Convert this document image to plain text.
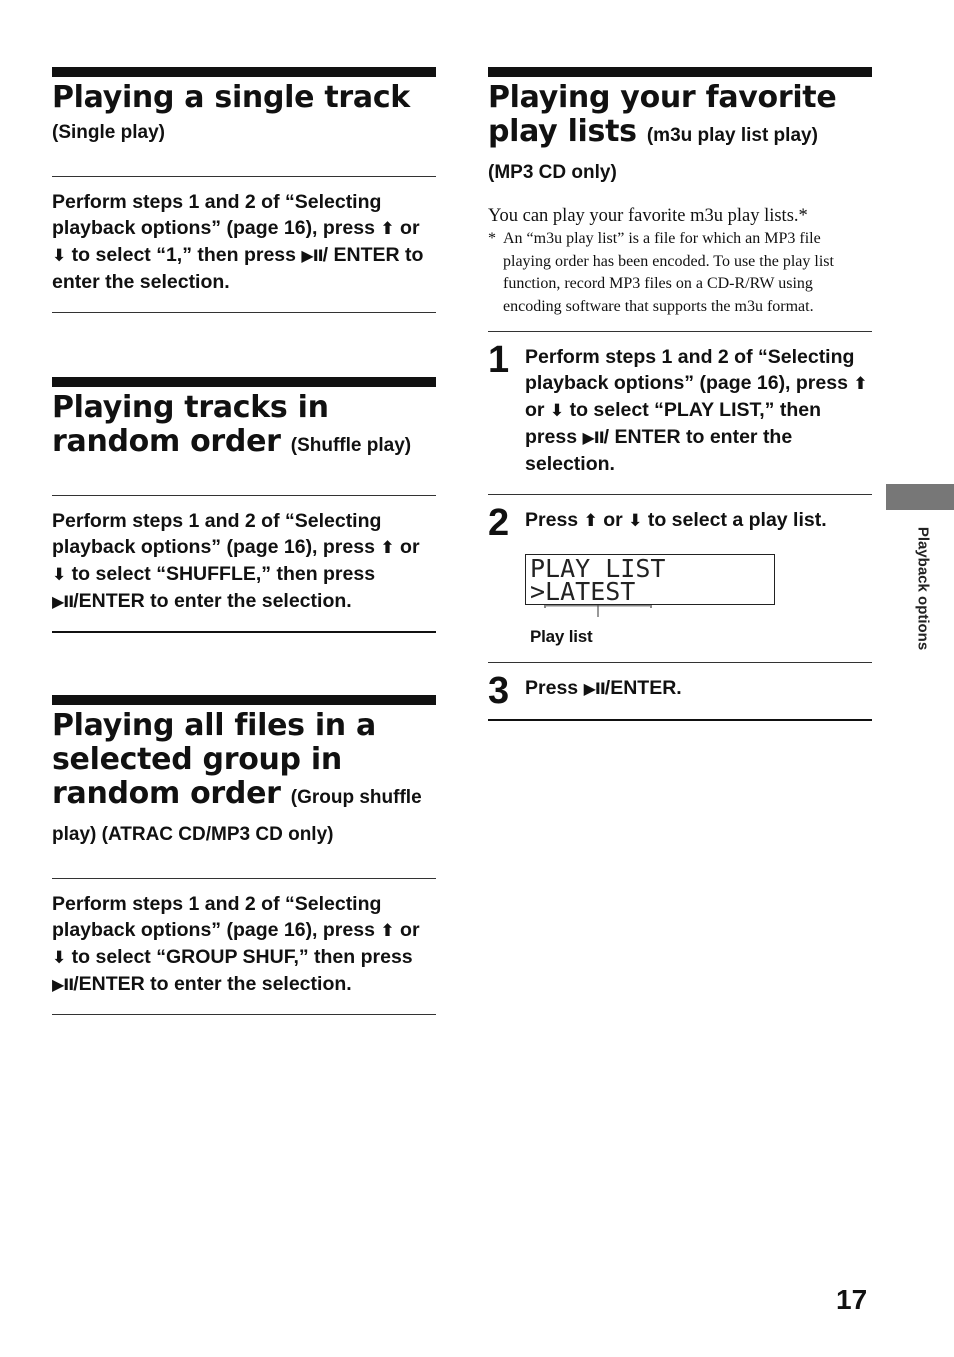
Playing a single track
(Single play)
Perform steps 1 and 2 of “Selecting playback options” (page 16), press ⬆ or ⬇ to select “1,” then press ▶II/ ENTER to enter the selection.
Playing tracks in random order (Shuffle play)
Perform steps 1 and 2 of “Selecting playback options” (page 16), press ⬆ or ⬇ to select “SHUFFLE,” then press ▶II/ENTER to enter the selection.
Playing all files in a selected group in random order (Group shuffle
play) (ATRAC CD/MP3 CD only)
Perform steps 1 and 2 of “Selecting playback options” (page 16), press ⬆ or ⬇ to select “GROUP SHUF,” then press ▶II/ENTER to enter the selection.
Playing your favorite play lists (m3u play list play)
(MP3 CD only)
You can play your favorite m3u play lists.*
* An “m3u play list” is a file for which an MP3 file playing order has been encoded. To use the play list function, record MP3 files on a CD-R/RW using encoding software that supports the m3u format.
1 Perform steps 1 and 2 of “Selecting playback options” (page 16), press ⬆ or ⬇ to select “PLAY LIST,” then press ▶II/ ENTER to enter the selection.
2 Press ⬆ or ⬇ to select a play list.
PLAY LIST
>LATEST
Play list
3 Press ▶II/ENTER.
Playback options
17
